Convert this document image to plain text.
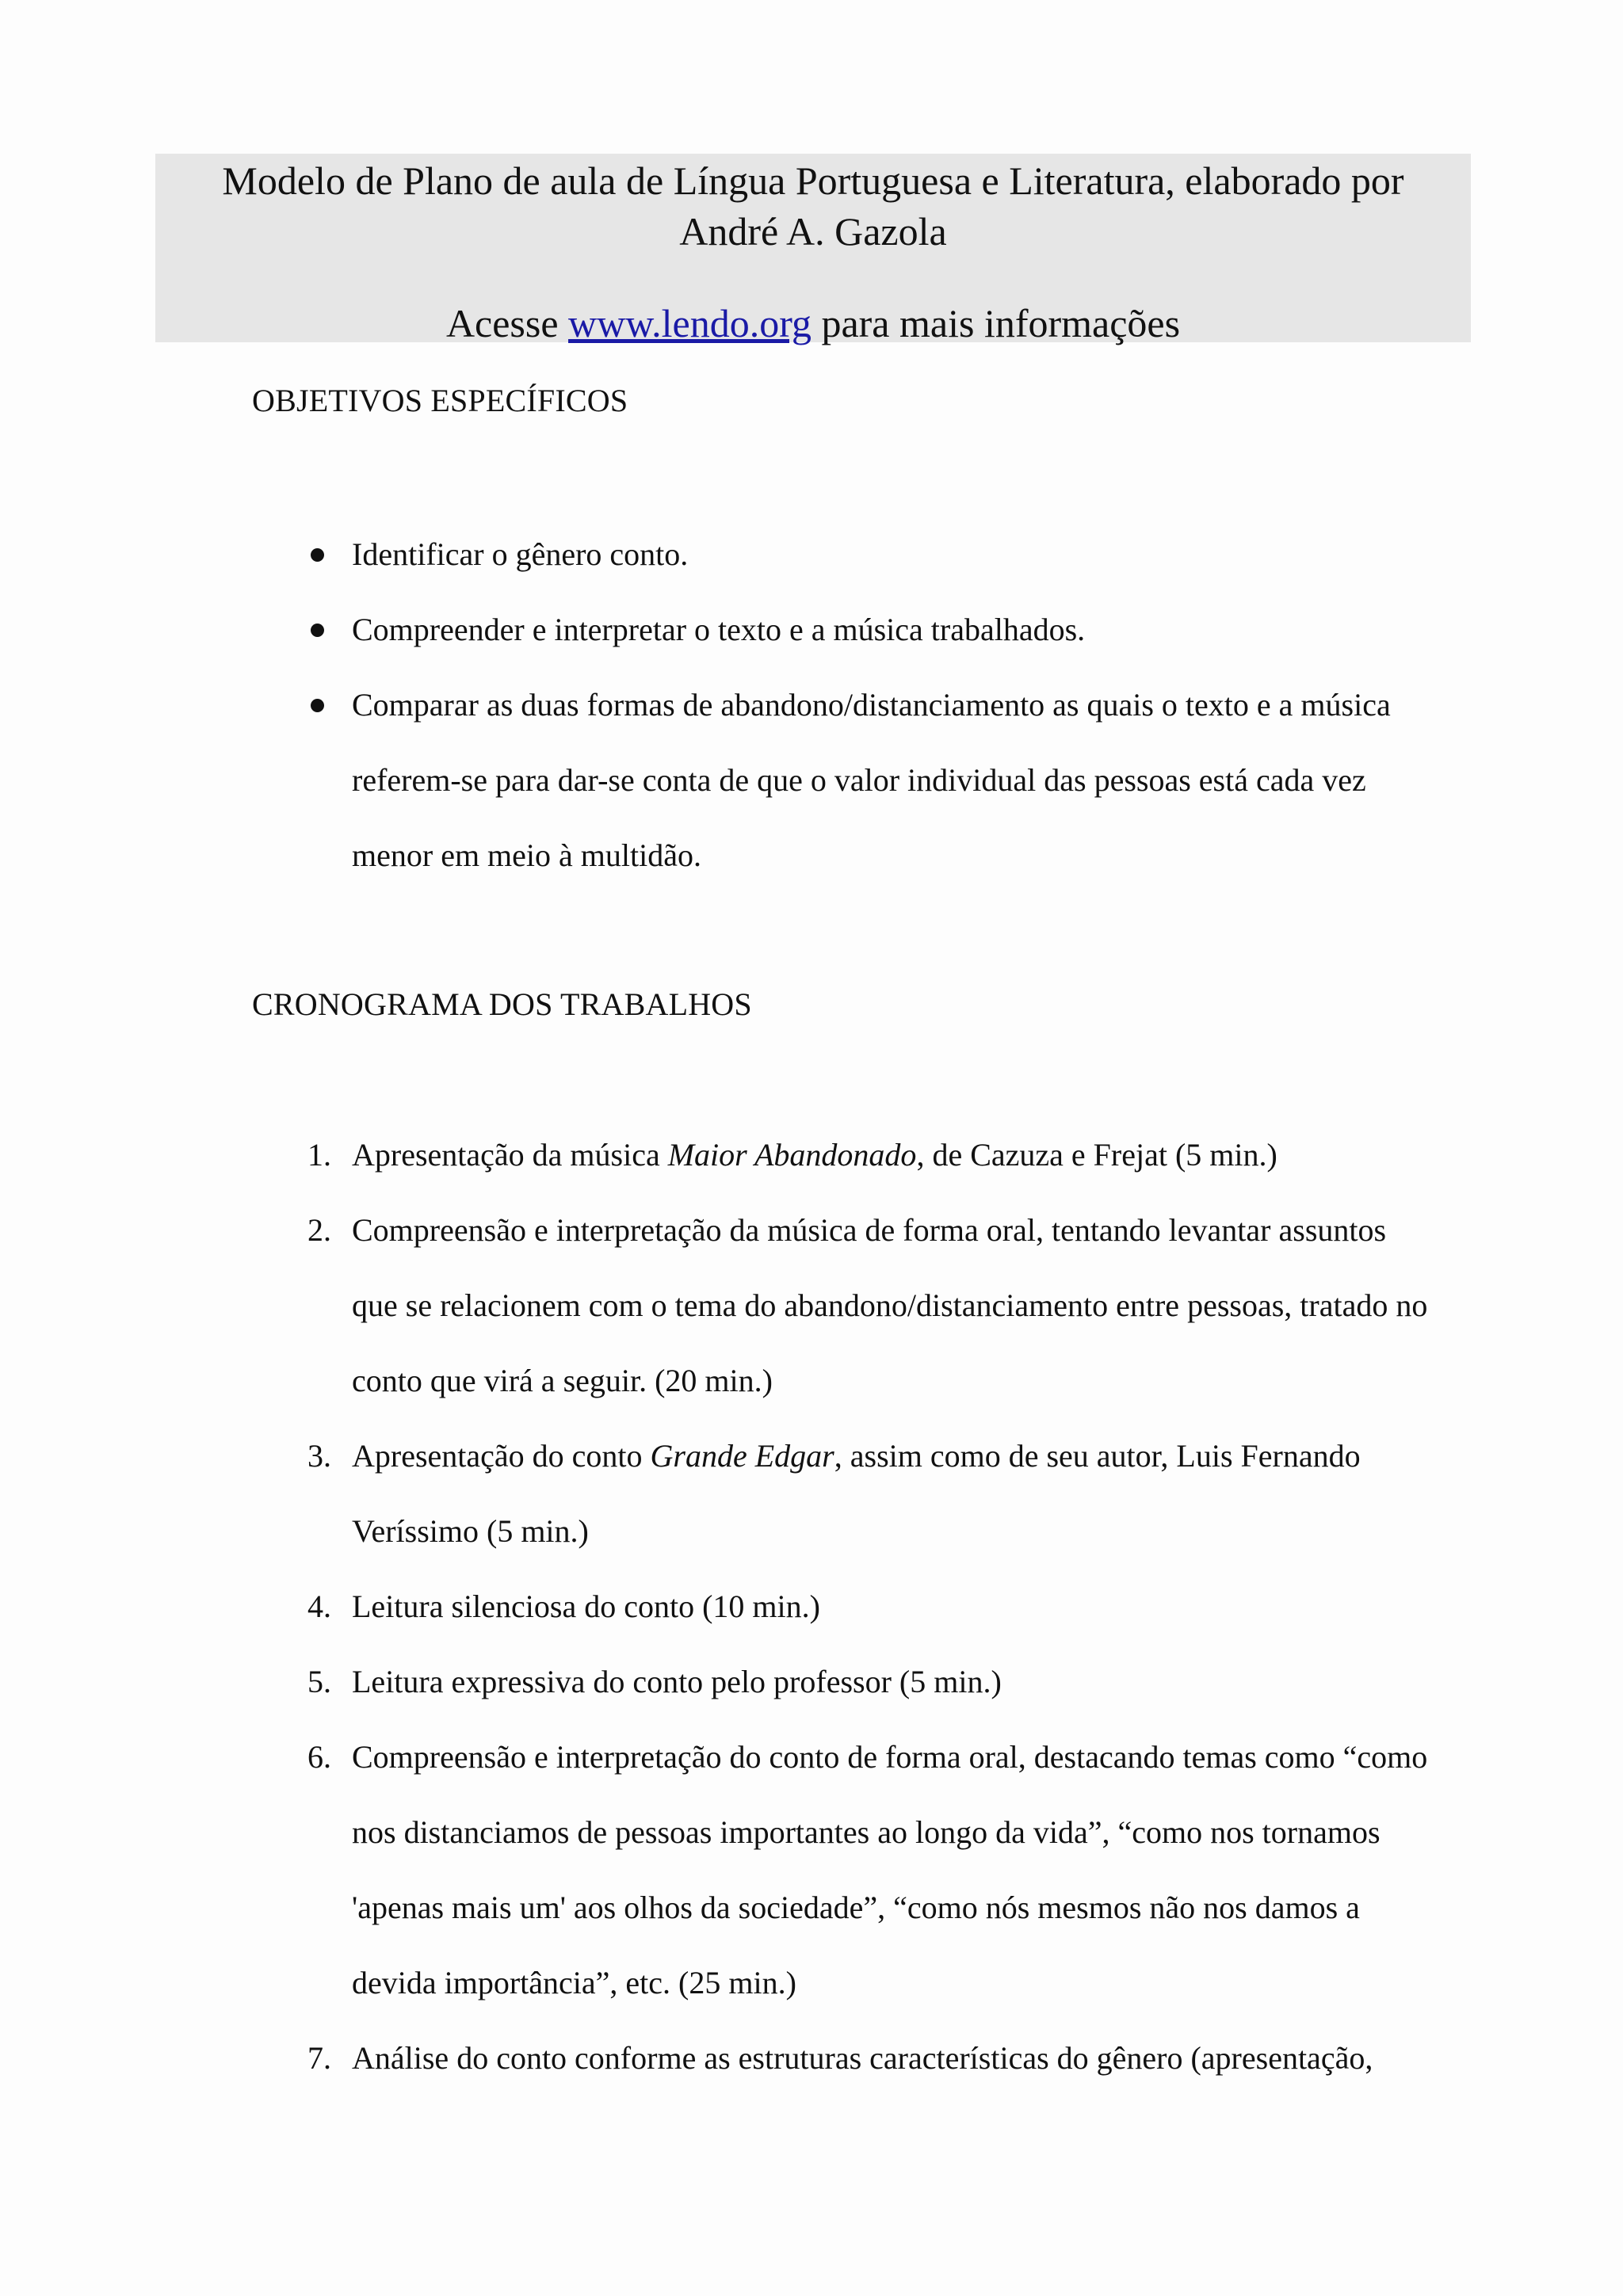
Modelo de Plano de aula de Língua Portuguesa e Literatura, elaborado por
André A. Gazola

Acesse www.lendo.org para mais informações

OBJETIVOS ESPECÍFICOS
Identificar o gênero conto.
Compreender e interpretar o texto e a música trabalhados.
Comparar as duas formas de abandono/distanciamento as quais o texto e a música
referem-se para dar-se conta de que o valor individual das pessoas está cada vez
menor em meio à multidão.
CRONOGRAMA DOS TRABALHOS
1. Apresentação da música Maior Abandonado, de Cazuza e Frejat (5 min.)
2. Compreensão e interpretação da música de forma oral, tentando levantar assuntos
que se relacionem com o tema do abandono/distanciamento entre pessoas, tratado no
conto que virá a seguir. (20 min.)
3. Apresentação do conto Grande Edgar, assim como de seu autor, Luis Fernando
Veríssimo (5 min.)
4. Leitura silenciosa do conto (10 min.)
5. Leitura expressiva do conto pelo professor (5 min.)
6. Compreensão e interpretação do conto de forma oral, destacando temas como “como
nos distanciamos de pessoas importantes ao longo da vida”, “como nos tornamos
'apenas mais um' aos olhos da sociedade”, “como nós mesmos não nos damos a
devida importância”, etc. (25 min.)
7. Análise do conto conforme as estruturas características do gênero (apresentação,
